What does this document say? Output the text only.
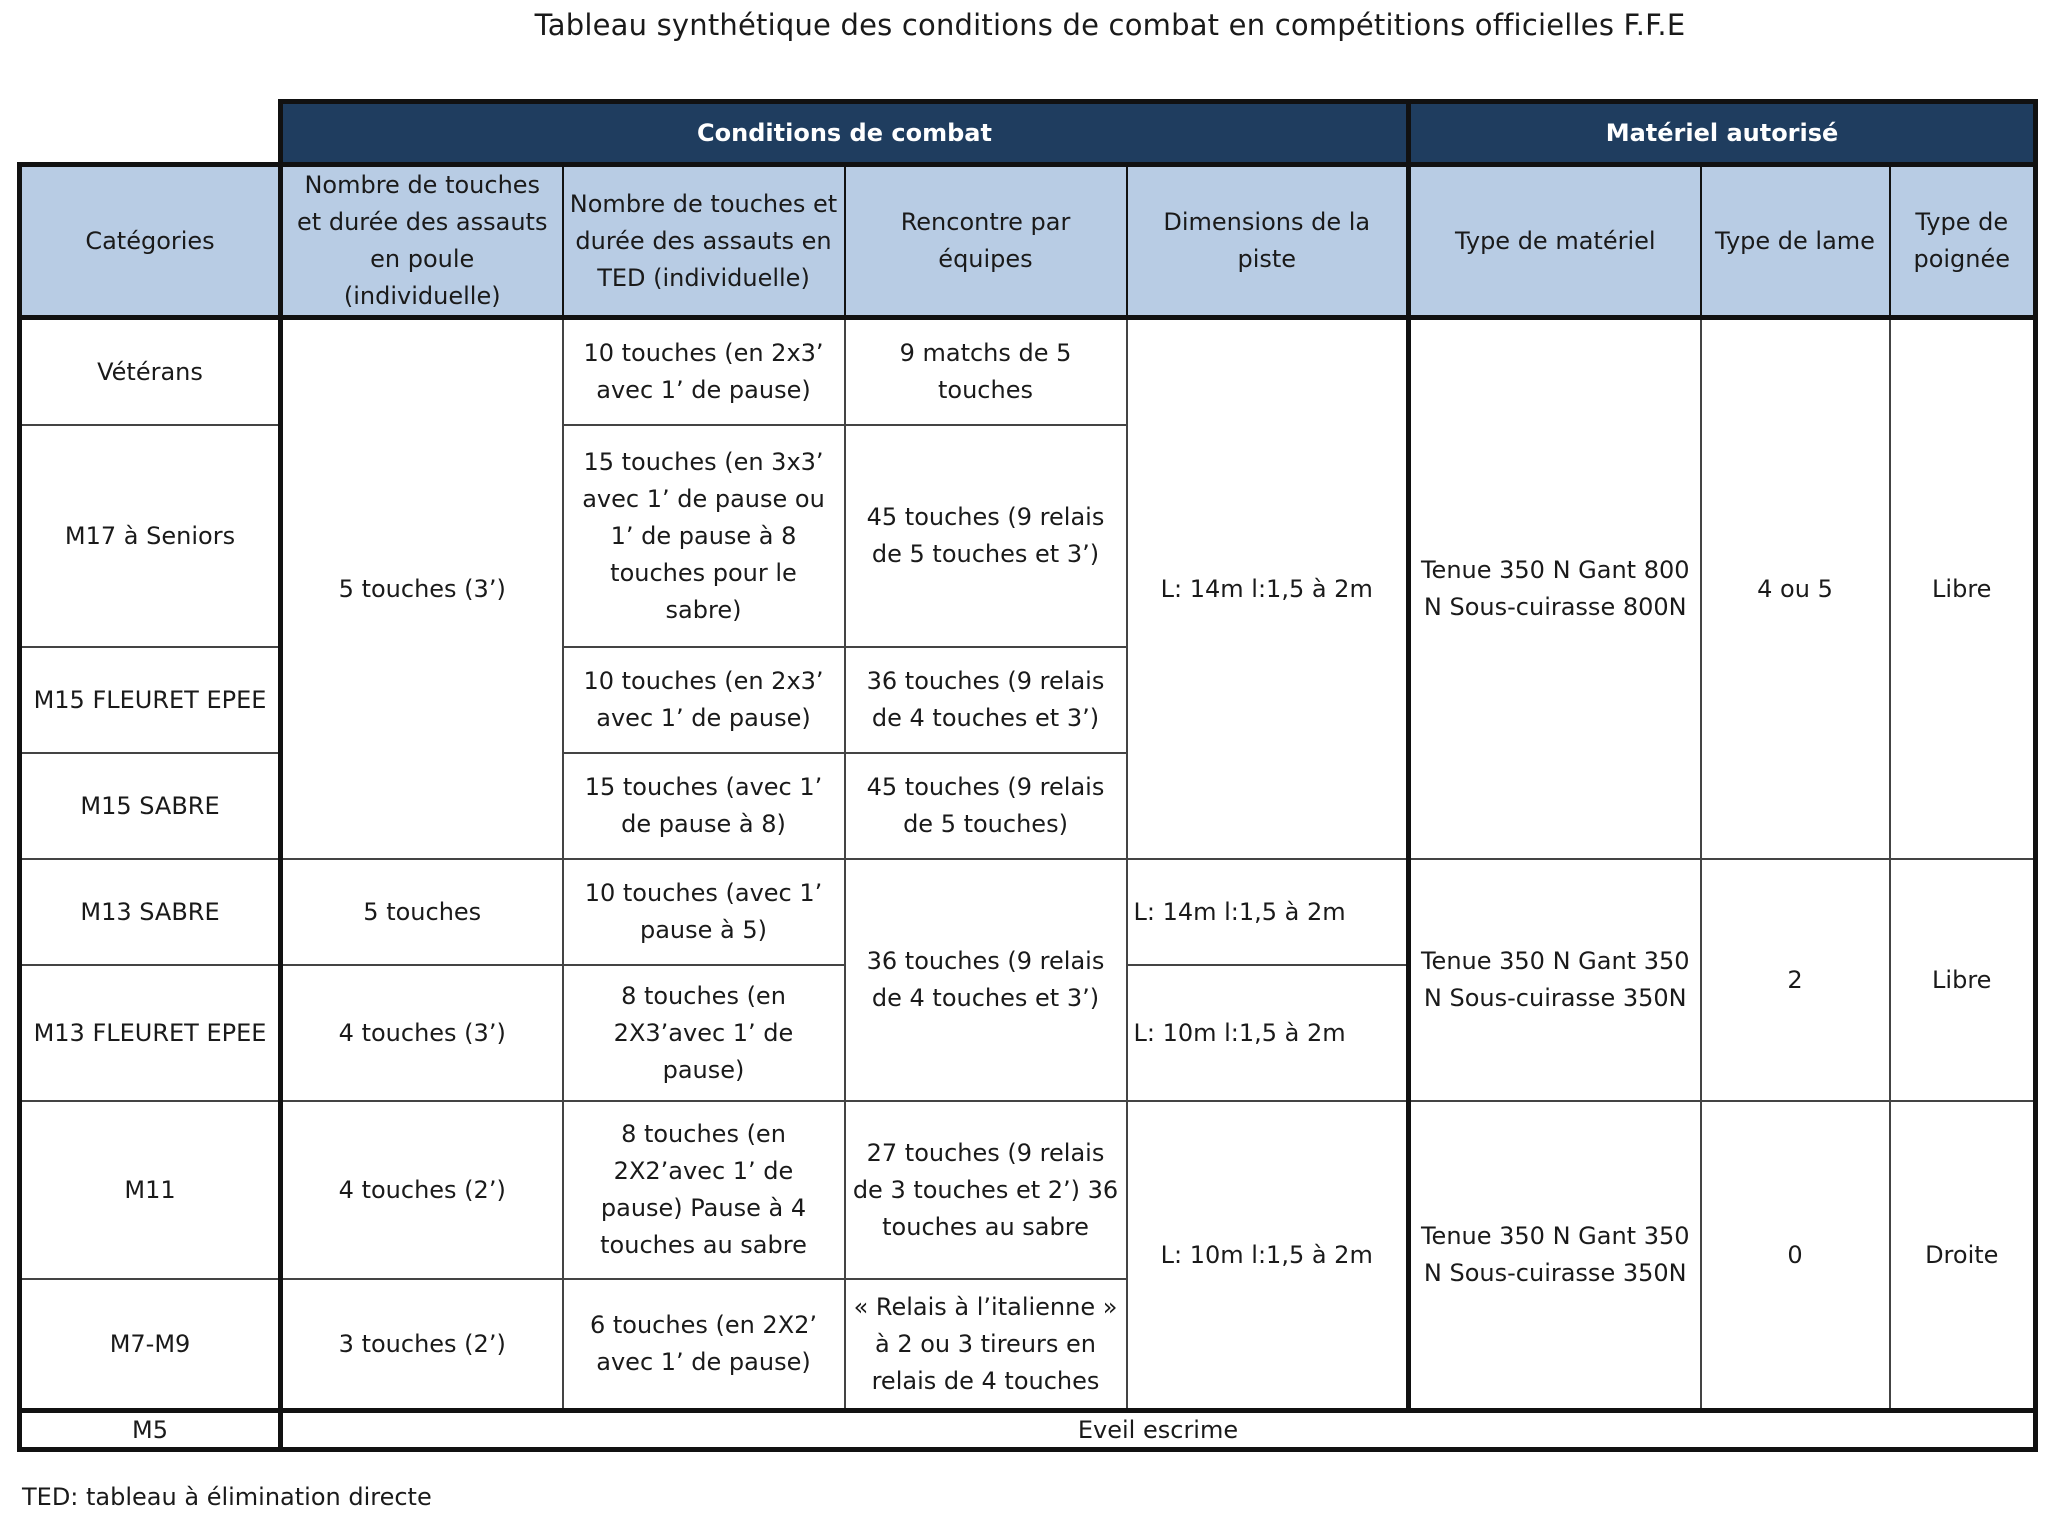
Tableau synthétique des conditions de combat en compétitions officielles F.F.E
	Conditions de combat				Matériel autorisé		
Catégories	Nombre de touches et durée des assauts en poule (individuelle)	Nombre de touches et durée des assauts en TED (individuelle)	Rencontre par équipes	Dimensions de la piste	Type de matériel	Type de lame	Type de poignée
Vétérans	5 touches (3’)	10 touches (en 2x3’ avec 1’ de pause)	9 matchs de 5 touches	L: 14m l:1,5 à 2m	Tenue 350 N Gant 800 N Sous-cuirasse 800N	4 ou 5	Libre
M17 à Seniors		15 touches (en 3x3’ avec 1’ de pause ou 1’ de pause à 8 touches pour le sabre)	45 touches (9 relais de 5 touches et 3’)				
M15 FLEURET EPEE		10 touches (en 2x3’ avec 1’ de pause)	36 touches (9 relais de 4 touches et 3’)				
M15 SABRE		15 touches (avec 1’ de pause à 8)	45 touches (9 relais de 5 touches)				
M13 SABRE	5 touches	10 touches (avec 1’ pause à 5)	36 touches (9 relais de 4 touches et 3’)	L: 14m l:1,5 à 2m	Tenue 350 N Gant 350 N Sous-cuirasse 350N	2	Libre
M13 FLEURET EPEE	4 touches (3’)	8 touches (en 2X3’avec 1’ de pause)		L: 10m l:1,5 à 2m			
M11	4 touches (2’)	8 touches (en 2X2’avec 1’ de pause) Pause à 4 touches au sabre	27 touches (9 relais de 3 touches et 2’) 36 touches au sabre	L: 10m l:1,5 à 2m	Tenue 350 N Gant 350 N Sous-cuirasse 350N	0	Droite
M7-M9	3 touches (2’)	6 touches (en 2X2’ avec 1’ de pause)	« Relais à l’italienne » à 2 ou 3 tireurs en relais de 4 touches				
M5	Eveil escrime						
TED: tableau à élimination directe
